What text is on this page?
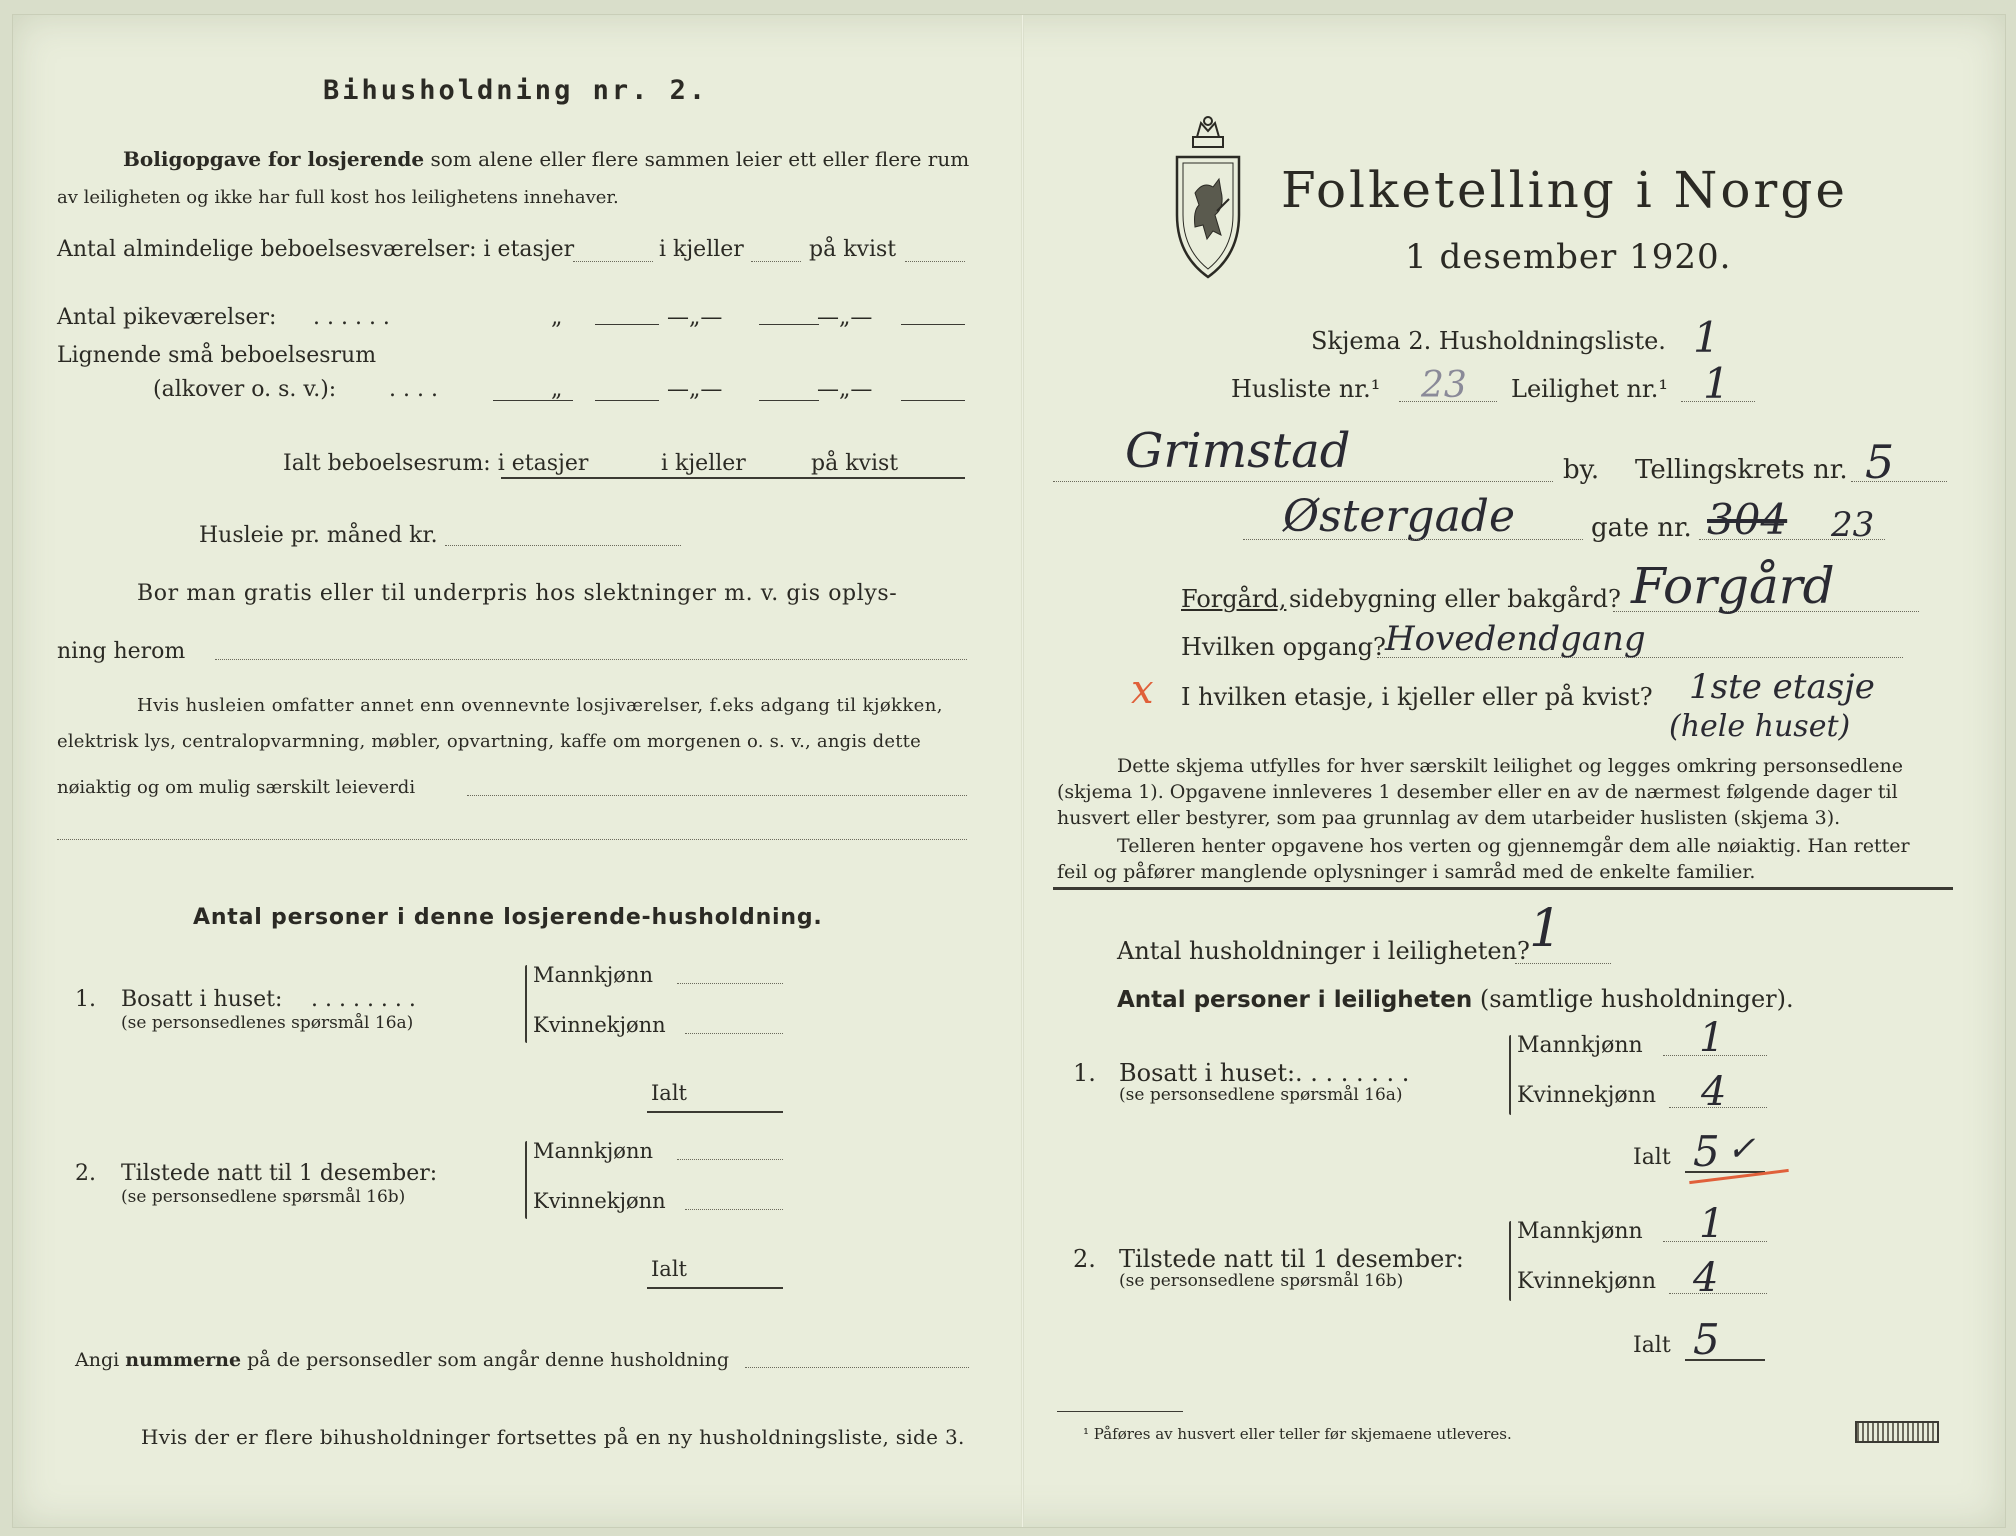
Bihusholdning nr. 2.
Boligopgave for losjerende som alene eller flere sammen leier ett eller flere rum
av leiligheten og ikke har full kost hos leilighetens innehaver.
Antal almindelige beboelsesværelser: i etasjer	i kjeller	på kvist
Antal pikeværelser: . . . . . .	„	—„—	—„—
Lignende små beboelsesrum
(alkover o. s. v.): . . . .	„	—„—	—„—
Ialt beboelsesrum: i etasjer	i kjeller	på kvist
Husleie pr. måned kr.
Bor man gratis eller til underpris hos slektninger m. v. gis oplys-
ning herom
Hvis husleien omfatter annet enn ovennevnte losjiværelser, f.eks adgang til kjøkken,
elektrisk lys, centralopvarmning, møbler, opvartning, kaffe om morgenen o. s. v., angis dette
nøiaktig og om mulig særskilt leieverdi
Antal personer i denne losjerende-husholdning.
1. Bosatt i huset: . . . . . . . .
(se personsedlenes spørsmål 16a)
Mannkjønn
Kvinnekjønn
Ialt
2. Tilstede natt til 1 desember:
(se personsedlene spørsmål 16b)
Mannkjønn
Kvinnekjønn
Ialt
Angi nummerne på de personsedler som angår denne husholdning
Hvis der er flere bihusholdninger fortsettes på en ny husholdningsliste, side 3.
Folketelling i Norge
1 desember 1920.
Skjema 2. Husholdningsliste. 1
Husliste nr.¹ 23 Leilighet nr.¹ 1
Grimstad	by. Tellingskrets nr. 5
Østergade	gate nr. 304 23
Forgård, sidebygning eller bakgård? Forgård
Hvilken opgang? Hovedendgang
x I hvilken etasje, i kjeller eller på kvist? 1ste etasje
(hele huset)
Dette skjema utfylles for hver særskilt leilighet og legges omkring personsedlene
(skjema 1). Opgavene innleveres 1 desember eller en av de nærmest følgende dager til
husvert eller bestyrer, som paa grunnlag av dem utarbeider huslisten (skjema 3).
Telleren henter opgavene hos verten og gjennemgår dem alle nøiaktig. Han retter
feil og påfører manglende oplysninger i samråd med de enkelte familier.
Antal husholdninger i leiligheten? 1
Antal personer i leiligheten (samtlige husholdninger).
1. Bosatt i huset: . . . . . . . .
(se personsedlene spørsmål 16a)
Mannkjønn 1
Kvinnekjønn 4
Ialt 5 ✓
2. Tilstede natt til 1 desember:
(se personsedlene spørsmål 16b)
Mannkjønn 1
Kvinnekjønn 4
Ialt 5
¹ Påføres av husvert eller teller før skjemaene utleveres.
